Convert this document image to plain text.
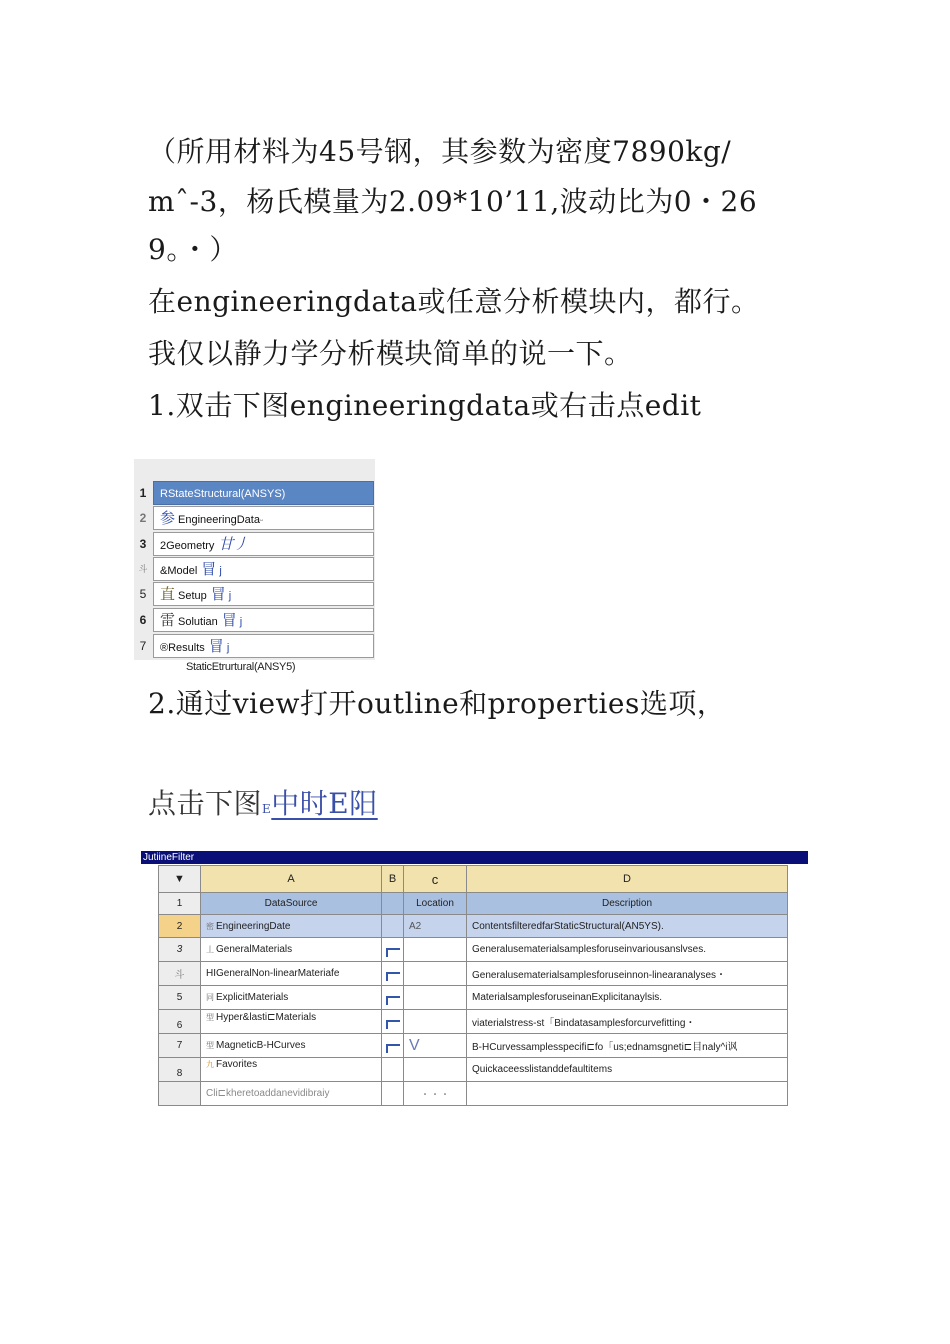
（所用材料为45号钢，其参数为密度7890kg/

mˆ-3，杨氏模量为2.09*10’11,波动比为0・26

9。・）

在engineeringdata或任意分析模块内，都行。

我仅以静力学分析模块简单的说一下。

1.双击下图engineeringdata或右击点edit

1	RStateStructural(ANSYS)
2 参 EngineeringDataᵕ
3	2Geometry 甘丿
斗	&Model 冒 j
5 直 Setup 冒 j
6 雷 Solutian 冒 j
7	®Results 冒 j
StaticEtrurtural(ANSY5)

2.通过view打开outline和properties选项，

点击下图E中时E阳

JutiineFilter
▼	A	B	c	D
1	DataSource		Location	Description
2	密 EngineeringDate		A2	ContentsfilteredfarStaticStructural(AN5YS).
3	丄 GeneralMaterials			Generalusematerialsamplesforuseinvariousanslvses.
斗	HIGeneralNon-linearMateriafe			Generalusematerialsamplesforuseinnon-linearanalyses・
5	同 ExplicitMaterials			MaterialsamplesforuseinanExplicitanaylsis.
6	型 Hyper&lasti⊏Materials			viaterialstress-st「Bindatasamplesforcurvefitting・
7	型 MagneticB-HCurves		V	B-HCurvessamplesspecifi⊏fo「us;ednamsgneti⊏目naly^i讽
8	九 Favorites			Quickaceesslistanddefaultitems
	Cli⊏kheretoaddanevidibraiy		・・・	
